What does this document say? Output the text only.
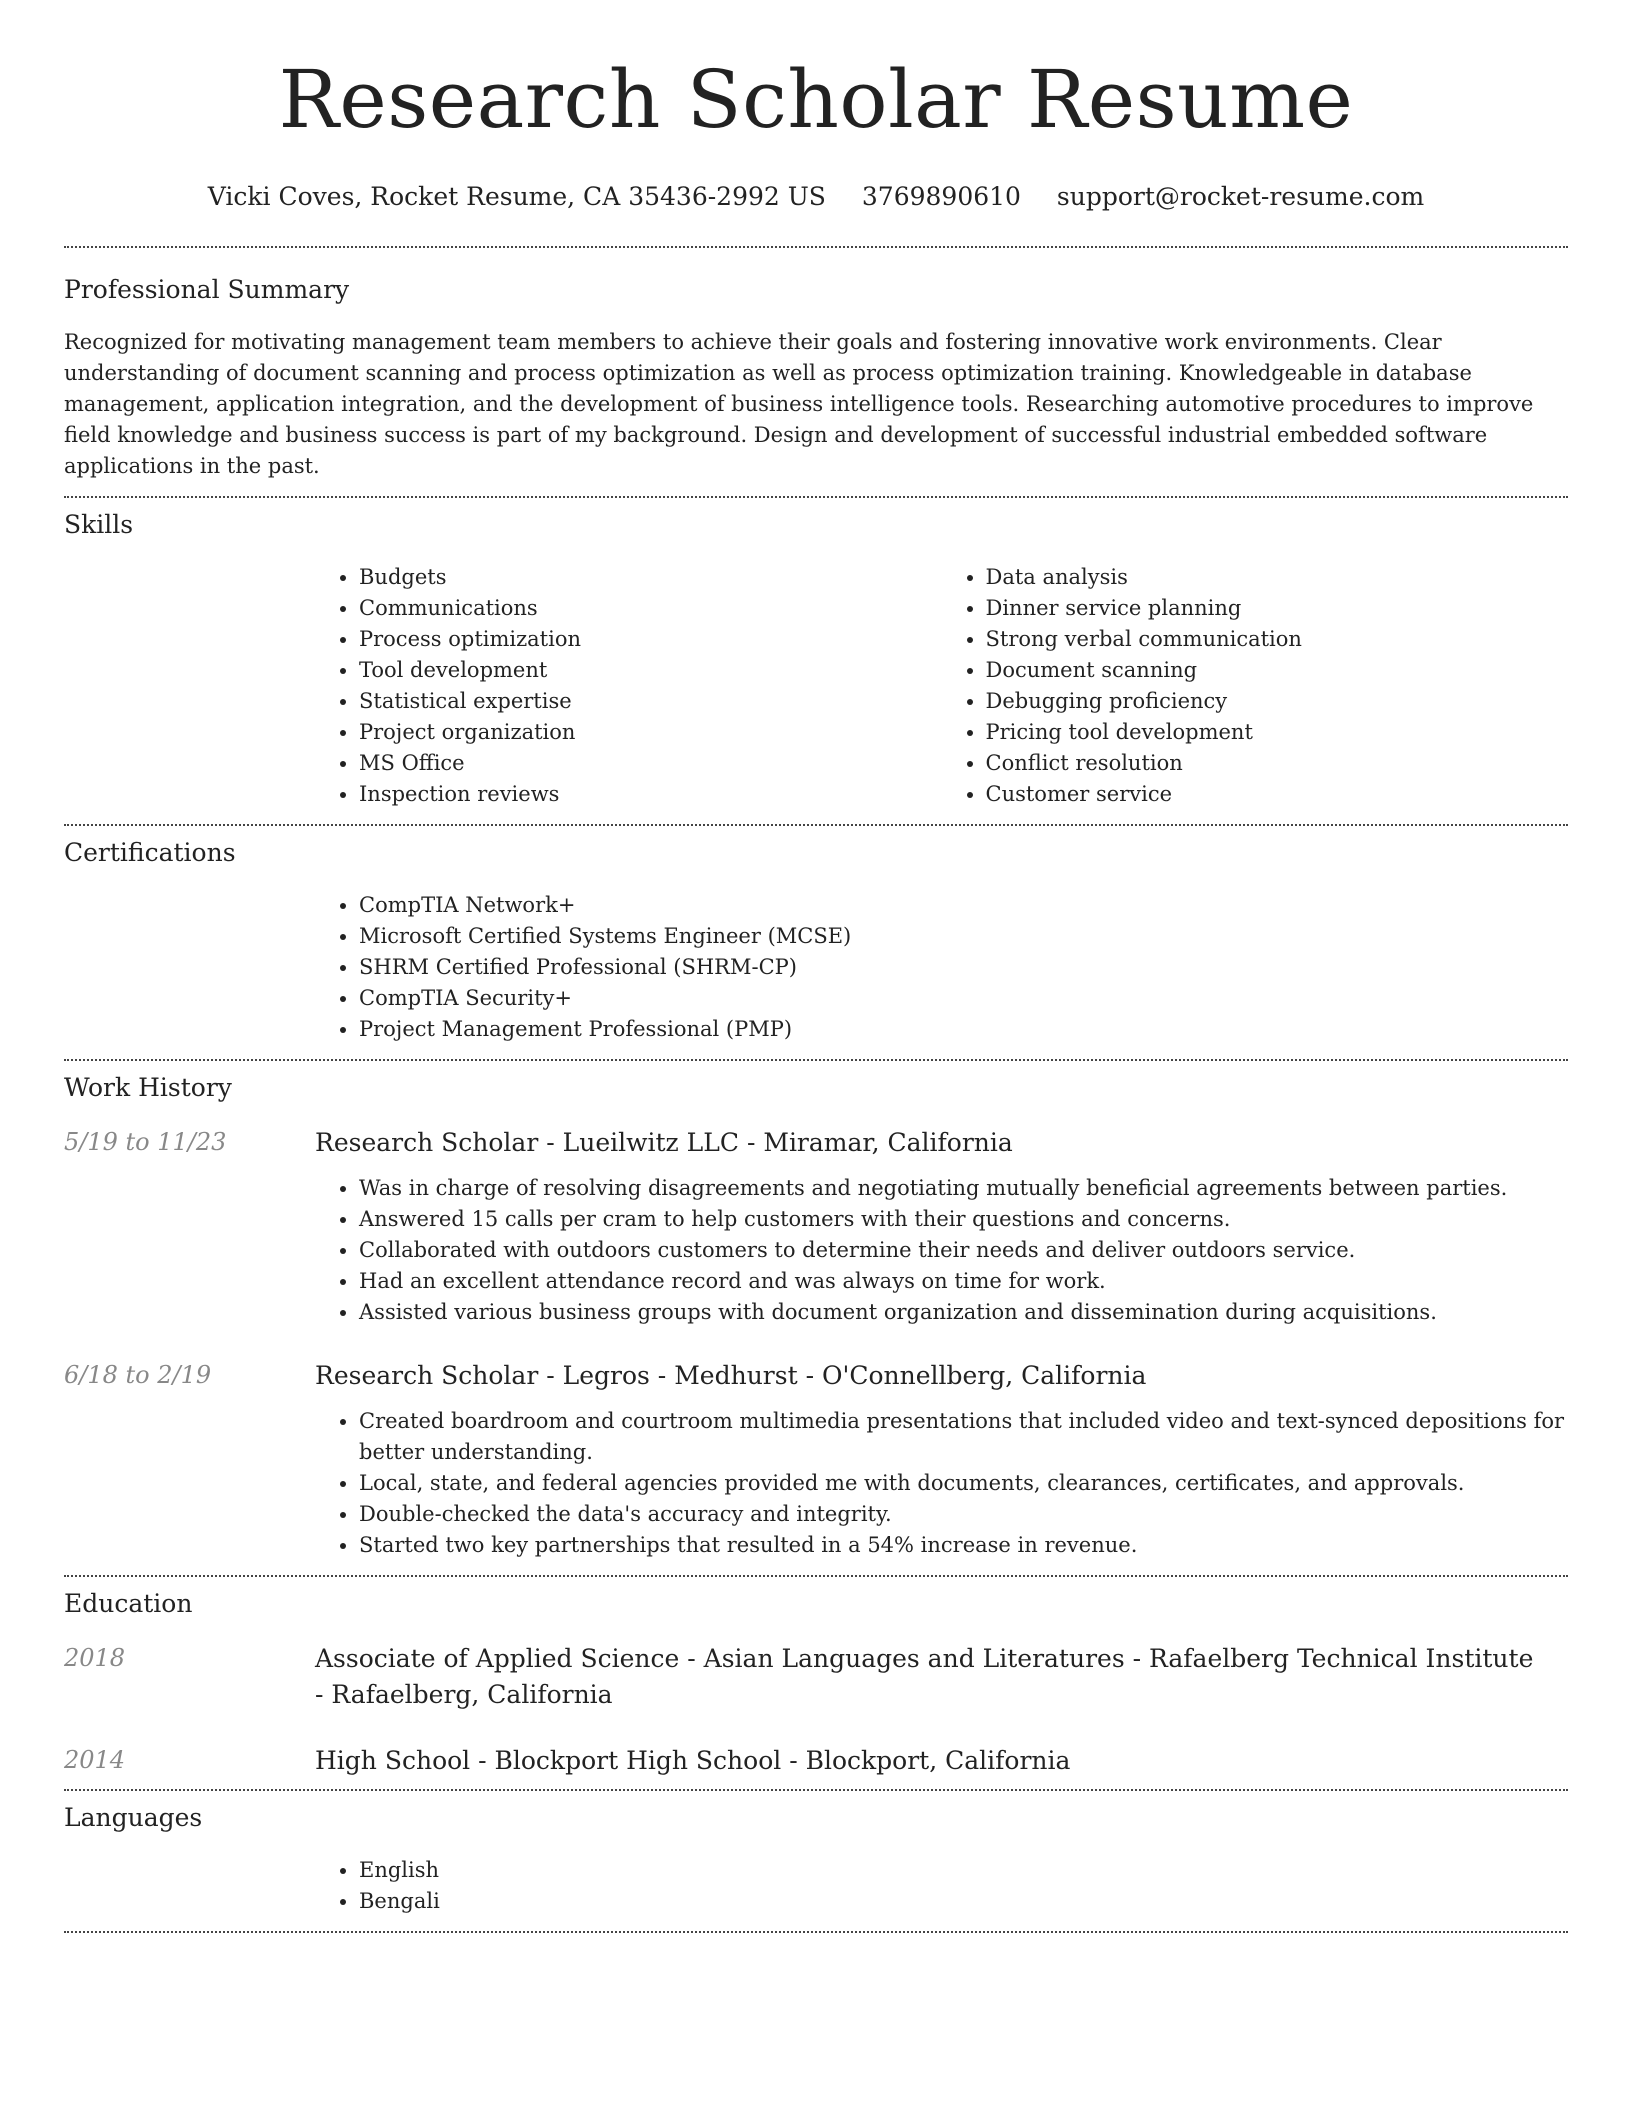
Research Scholar Resume
Vicki Coves, Rocket Resume, CA 35436-2992 US 3769890610 support@rocket-resume.com
Professional Summary

Recognized for motivating management team members to achieve their goals and fostering innovative work environments. Clear understanding of document scanning and process optimization as well as process optimization training. Knowledgeable in database management, application integration, and the development of business intelligence tools. Researching automotive procedures to improve field knowledge and business success is part of my background. Design and development of successful industrial embedded software applications in the past.

Skills
• Budgets
• Communications
• Process optimization
• Tool development
• Statistical expertise
• Project organization
• MS Office
• Inspection reviews
• Data analysis
• Dinner service planning
• Strong verbal communication
• Document scanning
• Debugging proficiency
• Pricing tool development
• Conflict resolution
• Customer service
Certifications
• CompTIA Network+
• Microsoft Certified Systems Engineer (MCSE)
• SHRM Certified Professional (SHRM-CP)
• CompTIA Security+
• Project Management Professional (PMP)
Work History
5/19 to 11/23	Research Scholar - Lueilwitz LLC - Miramar, California
• Was in charge of resolving disagreements and negotiating mutually beneficial agreements between parties.
• Answered 15 calls per cram to help customers with their questions and concerns.
• Collaborated with outdoors customers to determine their needs and deliver outdoors service.
• Had an excellent attendance record and was always on time for work.
• Assisted various business groups with document organization and dissemination during acquisitions.
6/18 to 2/19	Research Scholar - Legros - Medhurst - O'Connellberg, California
• Created boardroom and courtroom multimedia presentations that included video and text-synced depositions for better understanding.
• Local, state, and federal agencies provided me with documents, clearances, certificates, and approvals.
• Double-checked the data's accuracy and integrity.
• Started two key partnerships that resulted in a 54% increase in revenue.
Education
2018	Associate of Applied Science - Asian Languages and Literatures - Rafaelberg Technical Institute - Rafaelberg, California
2014	High School - Blockport High School - Blockport, California
Languages
• English
• Bengali
